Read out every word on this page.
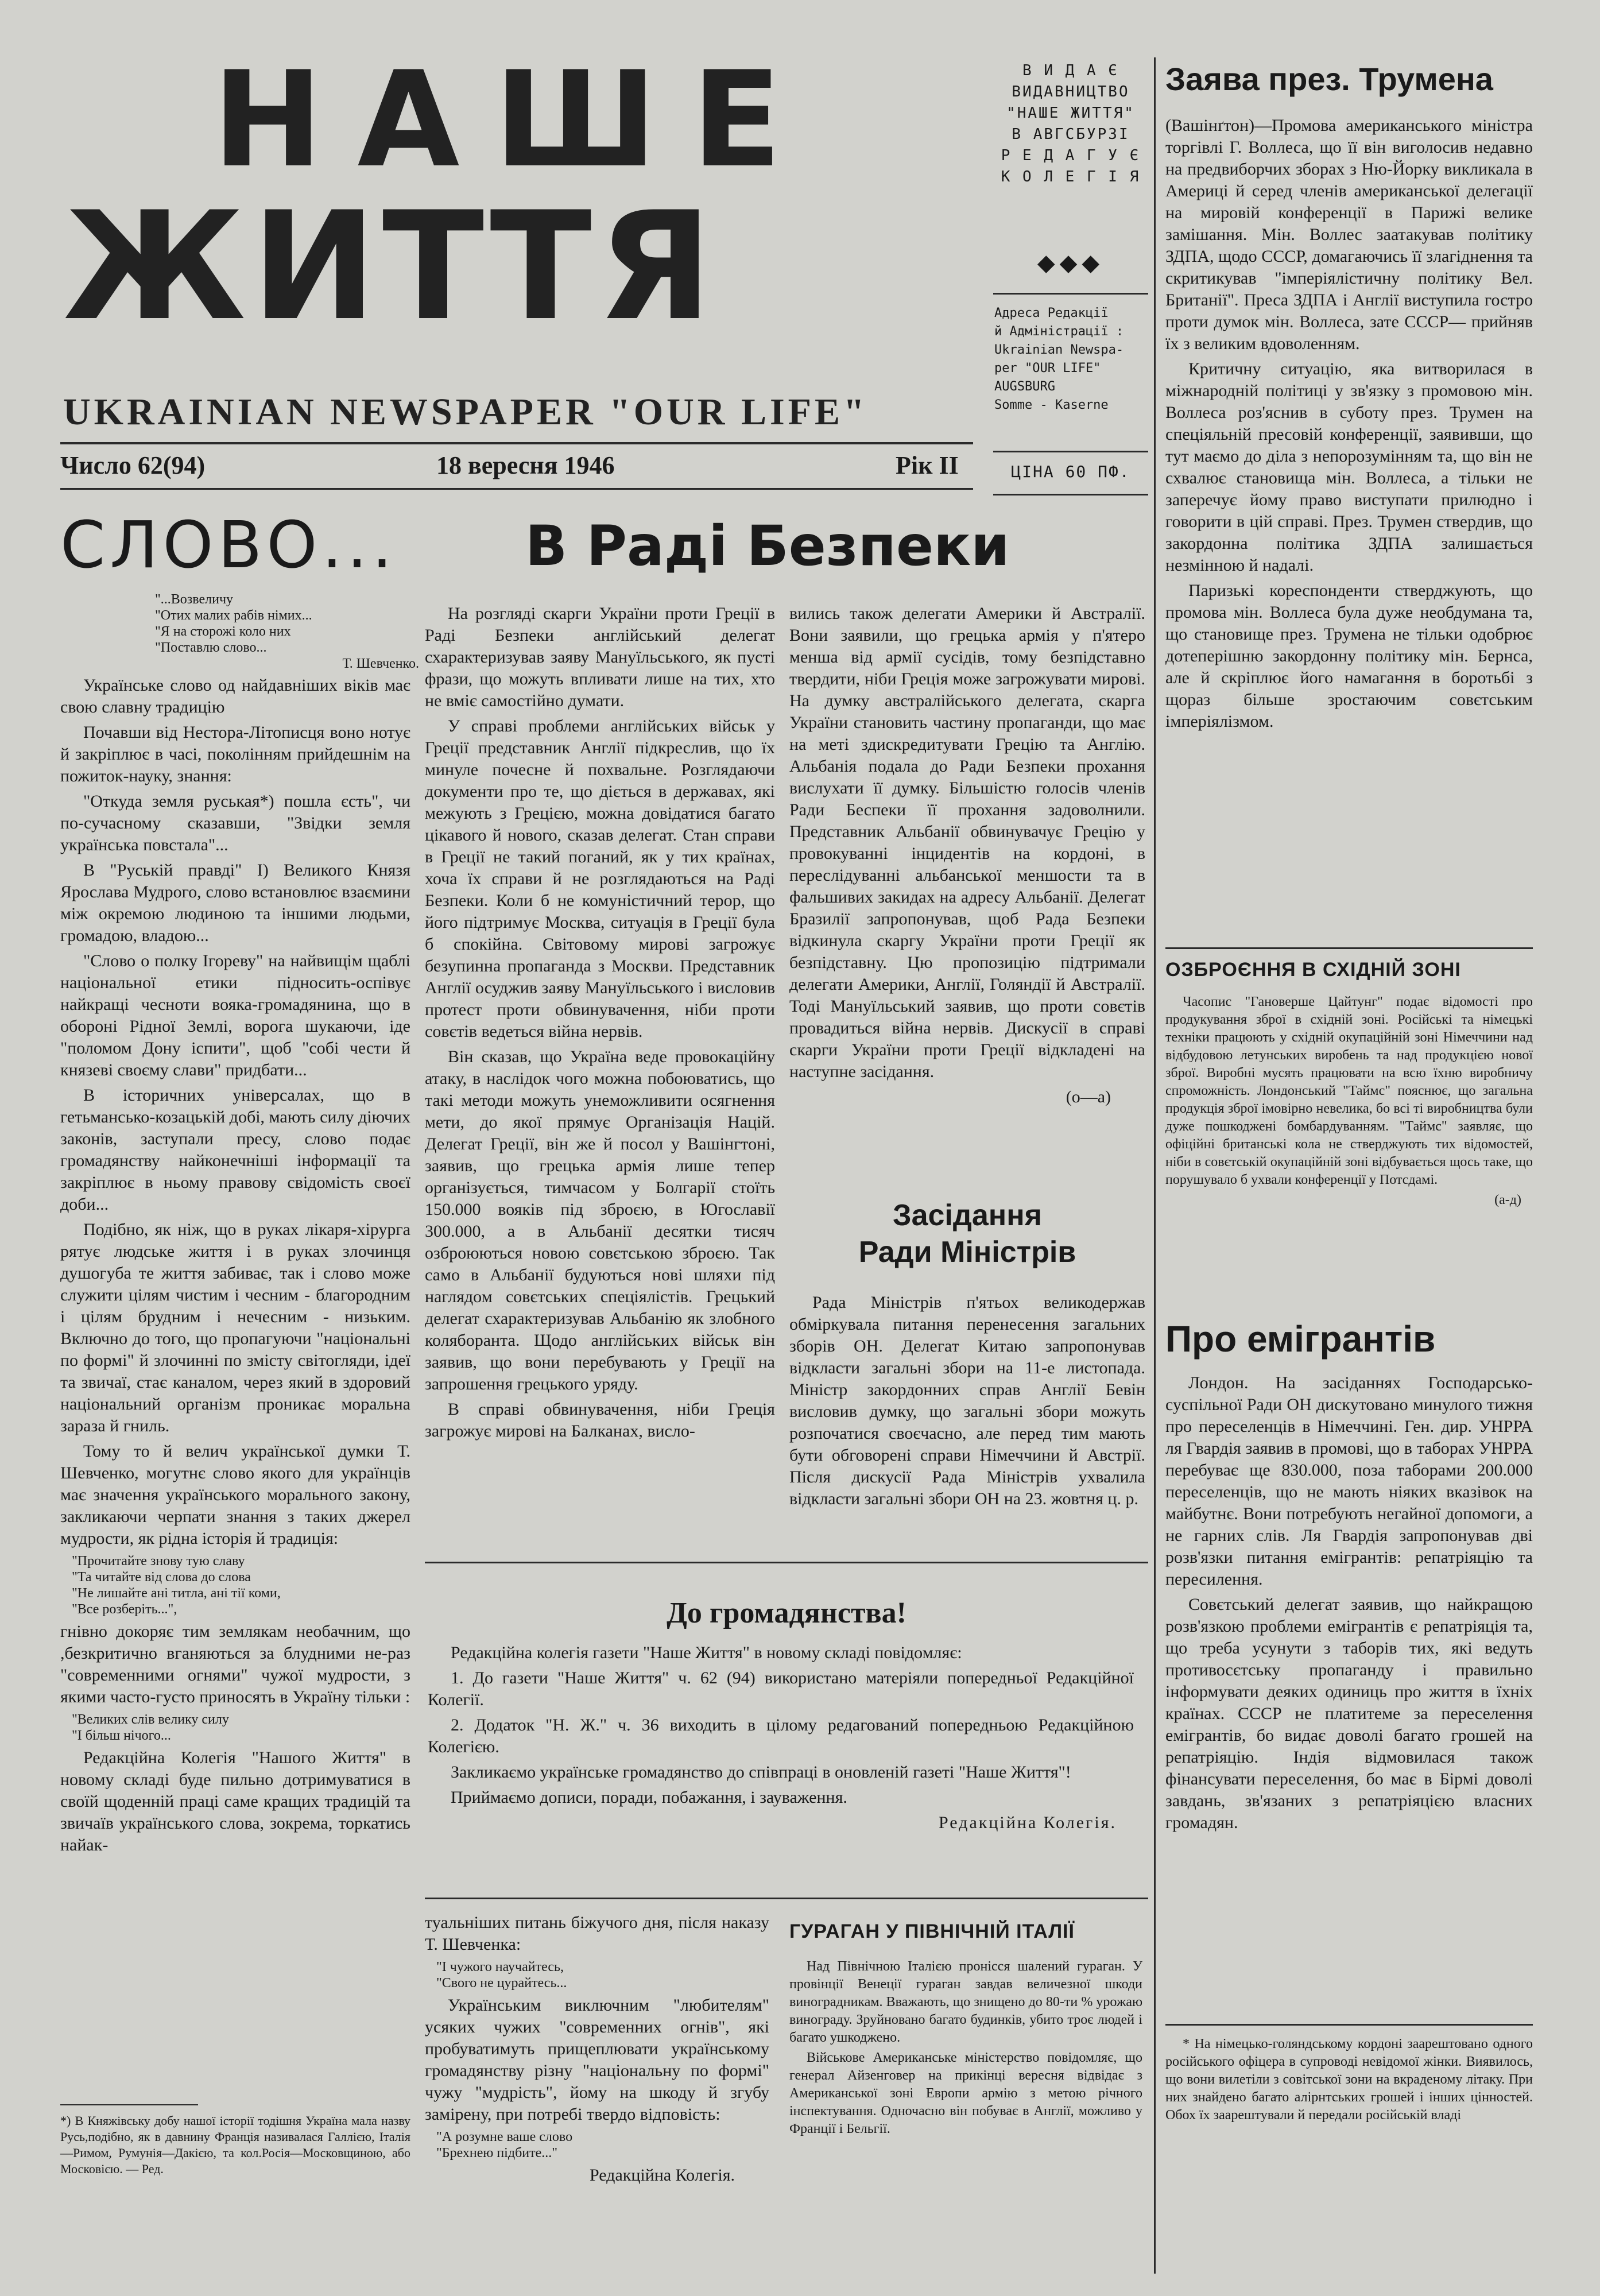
НАШЕ
ЖИТТЯ
UKRAINIAN NEWSPAPER "OUR LIFE"
Число 62(94)	18 вересня 1946	Рік II
В И Д А Є
ВИДАВНИЦТВО
"НАШЕ ЖИТТЯ"
В АВГСБУРЗІ
Р Е Д А Г У Є
К О Л Е Г І Я
◆◆◆
Адреса Редакції
й Адміністрації :
Ukrainian Newspa-
per "OUR LIFE"
AUGSBURG
Somme - Kaserne
ЦІНА 60 ПФ.
СЛОВО...
"...Возвеличу
"Отих малих рабів німих...
"Я на сторожі коло них
"Поставлю слово...
Т. Шевченко.

Українське слово од найдавніших віків має свою славну традицію

Почавши від Нестора-Літописця воно нотує й закріплює в часі, поколінням прийдешнім на пожиток-науку, знання:

"Откуда земля руськая*) пошла єсть", чи по-сучасному сказавши, "Звідки земля українська повстала"...

В "Руській правді" І) Великого Князя Ярослава Мудрого, слово встановлює взаємини між окремою людиною та іншими людьми, громадою, владою...

"Слово о полку Ігореву" на найвищім щаблі національної етики підносить-оспівує найкращі чесноти вояка-громадянина, що в обороні Рідної Землі, ворога шукаючи, іде "поломом Дону іспити", щоб "собі чести й князеві своєму слави" придбати...

В історичних універсалах, що в гетьмансько-козацькій добі, мають силу діючих законів, заступали пресу, слово подає громадянству найконечніші інформації та закріплює в ньому правову свідомість своєї доби...

Подібно, як ніж, що в руках лікаря-хірурга рятує людське життя і в руках злочинця душогуба те життя забиває, так і слово може служити цілям чистим і чесним - благородним і цілям брудним і нечесним - низьким. Включно до того, що пропагуючи "національні по формі" й злочинні по змісту світогляди, ідеї та звичаї, стає каналом, через який в здоровий національний організм проникає моральна зараза й гниль.

Тому то й велич української думки Т. Шевченко, могутнє слово якого для українців має значення українського морального закону, закликаючи черпати знання з таких джерел мудрости, як рідна історія й традиція:

"Прочитайте знову тую славу
"Та читайте від слова до слова
"Не лишайте ані титла, ані тії коми,
"Все розберіть...",

гнівно докоряє тим землякам необачним, що ,безкритично вганяються за блудними не-раз "современними огнями" чужої мудрости, з якими часто-густо приносять в Україну тільки :

"Великих слів велику силу
"І більш нічого...

Редакційна Колегія "Нашого Життя" в новому складі буде пильно дотримуватися в своїй щоденній праці саме кращих традицій та звичаїв українського слова, зокрема, торкатись найак-

*) В Княжівську добу нашої історії тодішня Україна мала назву Русь,подібно, як в давнину Франція називалася Галлією, Італія—Римом, Румунія—Дакією, та кол.Росія—Московщиною, або Московією. — Ред.
В Раді Безпеки

На розгляді скарги України проти Греції в Раді Безпеки англійський делегат схарактеризував заяву Мануїльського, як пусті фрази, що можуть впливати лише на тих, хто не вміє самостійно думати.

У справі проблеми англійських військ у Греції представник Англії підкреслив, що їх минуле почесне й похвальне. Розглядаючи документи про те, що діється в державах, які межують з Грецією, можна довідатися багато цікавого й нового, сказав делегат. Стан справи в Греції не такий поганий, як у тих країнах, хоча їх справи й не розглядаються на Раді Безпеки. Коли б не комуністичний терор, що його підтримує Москва, ситуація в Греції була б спокійна. Світовому мирові загрожує безупинна пропаганда з Москви. Представник Англії осуджив заяву Мануїльського і висловив протест проти обвинувачення, ніби проти совєтів ведеться війна нервів.

Він сказав, що Україна веде провокаційну атаку, в наслідок чого можна побоюватись, що такі методи можуть унеможливити осягнення мети, до якої прямує Організація Націй. Делегат Греції, він же й посол у Вашінгтоні, заявив, що грецька армія лише тепер організується, тимчасом у Болгарії стоїть 150.000 вояків під зброєю, в Югославії 300.000, а в Альбанії десятки тисяч озброюються новою совєтською зброєю. Так само в Альбанії будуються нові шляхи під наглядом совєтських спеціялістів. Грецький делегат схарактеризував Альбанію як злобного коляборанта. Щодо англійських військ він заявив, що вони перебувають у Греції на запрошення грецького уряду.

В справі обвинувачення, ніби Греція загрожує мирові на Балканах, висло-

вились також делегати Америки й Австралії. Вони заявили, що грецька армія у п'ятеро менша від армії сусідів, тому безпідставно твердити, ніби Греція може загрожувати мирові. На думку австралійського делегата, скарга України становить частину пропаганди, що має на меті здискредитувати Грецію та Англію. Альбанія подала до Ради Безпеки прохання вислухати її думку. Більшістю голосів членів Ради Беспеки її прохання задоволнили. Представник Альбанії обвинувачує Грецію у провокуванні інцидентів на кордоні, в переслідуванні альбанської меншости та в фальшивих закидах на адресу Альбанії. Делегат Бразилії запропонував, щоб Рада Безпеки відкинула скаргу України проти Греції як безпідставну. Цю пропозицію підтримали делегати Америки, Англії, Голяндії й Австралії. Тоді Мануїльський заявив, що проти совєтів провадиться війна нервів. Дискусії в справі скарги України проти Греції відкладені на наступне засідання.

(о—а)
Засідання
Ради Міністрів

Рада Міністрів п'ятьох великодержав обміркувала питання перенесення загальних зборів ОН. Делегат Китаю запропонував відкласти загальні збори на 11-е листопада. Міністр закордонних справ Англії Бевін висловив думку, що загальні збори можуть розпочатися своєчасно, але перед тим мають бути обговорені справи Німеччини й Австрії. Після дискусії Рада Міністрів ухвалила відкласти загальні збори ОН на 23. жовтня ц. р.

До громадянства!

Редакційна колегія газети "Наше Життя" в новому складі повідомляє:

1. До газети "Наше Життя" ч. 62 (94) використано матеріяли попередньої Редакційної Колегії.

2. Додаток "Н. Ж." ч. 36 виходить в цілому редагований попередньою Редакційною Колегією.

Закликаємо українське громадянство до співпраці в оновленій газеті "Наше Життя"!

Приймаємо дописи, поради, побажання, і зауваження.

Редакційна Колегія.

туальніших питань біжучого дня, після наказу Т. Шевченка:

"І чужого научайтесь,
"Свого не цурайтесь...

Українським виключним "любителям" усяких чужих "современних огнів", які пробуватимуть прищеплювати українському громадянству різну "національну по формі" чужу "мудрість", йому на шкоду й згубу замірену, при потребі твердо відповість:

"А розумне ваше слово
"Брехнею підбите..."
Редакційна Колегія.
ГУРАГАН У ПІВНІЧНІЙ ІТАЛІЇ

Над Північною Італією пронісся шалений гураган. У провінції Венеції гураган завдав величезної шкоди виноградникам. Вважають, що знищено до 80-ти % урожаю винограду. Зруйновано багато будинків, убито троє людей і багато ушкоджено.

Військове Американське міністерство повідомляє, що генерал Айзенговер на прикінці вересня відвідає з Американської зоні Европи армію з метою річного інспектування. Одночасно він побуває в Англії, можливо у Франції і Бельгії.

Заява през. Трумена

(Вашінґтон)—Промова американського міністра торгівлі Г. Воллеса, що її він виголосив недавно на предвиборчих зборах з Ню-Йорку викликала в Америці й серед членів американської делегації на мировій конференції в Парижі велике замішання. Мін. Воллес заатакував політику ЗДПА, щодо СССР, домагаючись її злагіднення та скритикував "імперіялістичну політику Вел. Британії". Преса ЗДПА і Англії виступила гостро проти думок мін. Воллеса, зате СССР— прийняв їх з великим вдоволенням.

Критичну ситуацію, яка витворилася в міжнародній політиці у зв'язку з промовою мін. Воллеса роз'яснив в суботу през. Трумен на спеціяльній пресовій конференції, заявивши, що тут маємо до діла з непорозумінням та, що він не схвалює становища мін. Воллеса, а тільки не заперечує йому право виступати прилюдно і говорити в цій справі. През. Трумен ствердив, що закордонна політика ЗДПА залишається незмінною й надалі.

Паризькі кореспонденти стверджують, що промова мін. Воллеса була дуже необдумана та, що становище през. Трумена не тільки одобрює дотеперішню закордонну політику мін. Бернса, але й скріплює його намагання в боротьбі з щораз більше зростаючим совєтським імперіялізмом.

ОЗБРОЄННЯ В СХІДНІЙ ЗОНІ

Часопис "Гановерше Цайтунг" подає відомості про продукування зброї в східній зоні. Російські та німецькі техніки працюють у східній окупаційній зоні Німеччини над відбудовою летунських виробень та над продукцією нової зброї. Виробні мусять працювати на всю їхню виробничу спроможність. Лондонський "Таймс" пояснює, що загальна продукція зброї імовірно невелика, бо всі ті виробництва були дуже пошкоджені бомбардуванням. "Таймс" заявляє, що офіційні британські кола не стверджують тих відомостей, ніби в совєтській окупаційній зоні відбувається щось таке, що порушувало б ухвали конференції у Потсдамі.

(а-д)
Про емігрантів

Лондон. На засіданнях Господарсько-суспільної Ради ОН дискутовано минулого тижня про переселенців в Німеччині. Ген. дир. УНРРА ля Гвардія заявив в промові, що в таборах УНРРА перебуває ще 830.000, поза таборами 200.000 переселенців, що не мають ніяких вказівок на майбутнє. Вони потребують негайної допомоги, а не гарних слів. Ля Гвардія запропонував дві розв'язки питання емігрантів: репатріяцію та пересилення.

Совєтський делегат заявив, що найкращою розв'язкою проблеми емігрантів є репатріяція та, що треба усунути з таборів тих, які ведуть противосєтську пропаганду і правильно інформувати деяких одиниць про життя в їхніх країнах. СССР не платитеме за переселення емігрантів, бо видає доволі багато грошей на репатріяцію. Індія відмовилася також фінансувати переселення, бо має в Бірмі доволі завдань, зв'язаних з репатріяцією власних громадян.

* На німецько-голяндському кордоні заарештовано одного російського офіцера в супроводі невідомої жінки. Виявилось, що вони вилетіли з совітської зони на вкраденому літаку. При них знайдено багато алірнтських грошей і інших цінностей. Обох їх заарештували й передали російській владі
